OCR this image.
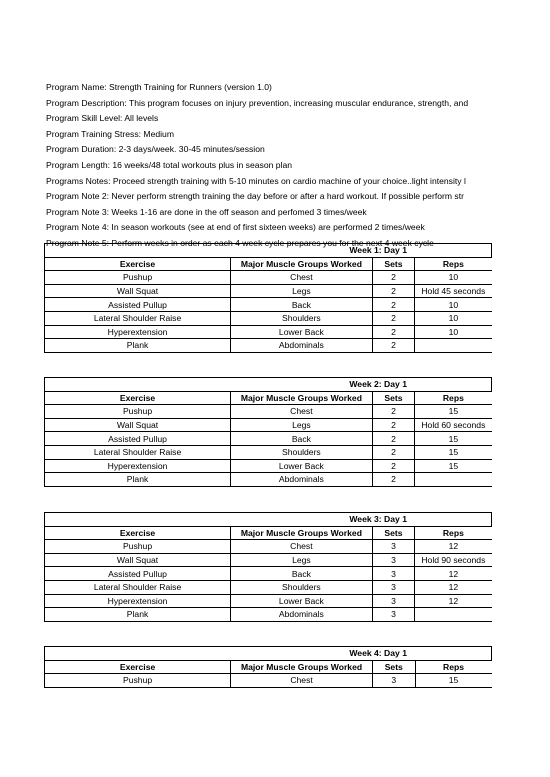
Program Name: Strength Training for Runners (version 1.0)
Program Description: This program focuses on injury prevention, increasing muscular endurance, strength, and
Program Skill Level: All levels
Program Training Stress: Medium
Program Duration: 2-3 days/week. 30-45 minutes/session
Program Length: 16 weeks/48 total workouts plus in season plan
Programs Notes: Proceed strength training with 5-10 minutes on cardio machine of your choice..light intensity l
Program Note 2: Never perform strength training the day before or after a hard workout. If possible perform str
Program Note 3: Weeks 1-16 are done in the off season and perfomed 3 times/week
Program Note 4: In season workouts (see at end of first sixteen weeks) are performed 2 times/week
Program Note 5: Perform weeks in order as each 4 week cycle prepares you for the next 4 week cycle
Week 1: Day 1			
Exercise	Major Muscle Groups Worked	Sets	Reps
Pushup	Chest	2	10
Wall Squat	Legs	2	Hold 45 seconds
Assisted Pullup	Back	2	10
Lateral Shoulder Raise	Shoulders	2	10
Hyperextension	Lower Back	2	10
Plank	Abdominals	2	
Week 2: Day 1			
Exercise	Major Muscle Groups Worked	Sets	Reps
Pushup	Chest	2	15
Wall Squat	Legs	2	Hold 60 seconds
Assisted Pullup	Back	2	15
Lateral Shoulder Raise	Shoulders	2	15
Hyperextension	Lower Back	2	15
Plank	Abdominals	2	
Week 3: Day 1			
Exercise	Major Muscle Groups Worked	Sets	Reps
Pushup	Chest	3	12
Wall Squat	Legs	3	Hold 90 seconds
Assisted Pullup	Back	3	12
Lateral Shoulder Raise	Shoulders	3	12
Hyperextension	Lower Back	3	12
Plank	Abdominals	3	
Week 4: Day 1			
Exercise	Major Muscle Groups Worked	Sets	Reps
Pushup	Chest	3	15
